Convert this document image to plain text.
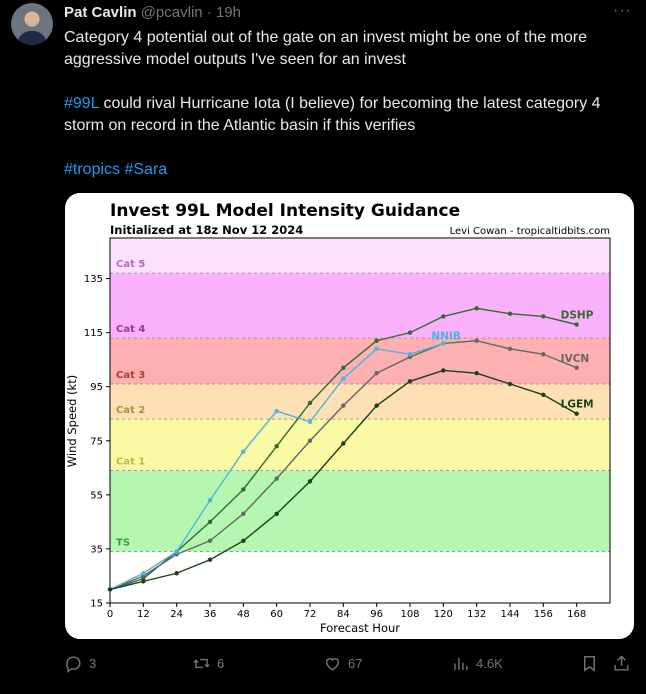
Pat Cavlin @pcavlin · 19h	···

Category 4 potential out of the gate on an invest might be one of the more aggressive model outputs I've seen for an invest

#99L could rival Hurricane Iota (I believe) for becoming the latest category 4 storm on record in the Atlantic basin if this verifies

#tropics #Sara

TS
Cat 1
Cat 2
Cat 3
Cat 4
Cat 5
DSHP
IVCN
NNIB
LGEM
0 12 24 36 48 60 72 84 96 108 120 132 144 156 168
15
35
55
75
95
115
135
Invest 99L Model Intensity Guidance
Initialized at 18z Nov 12 2024	Levi Cowan - tropicaltidbits.com
Forecast Hour
Wind Speed (kt)
3	6	67	4.6K
